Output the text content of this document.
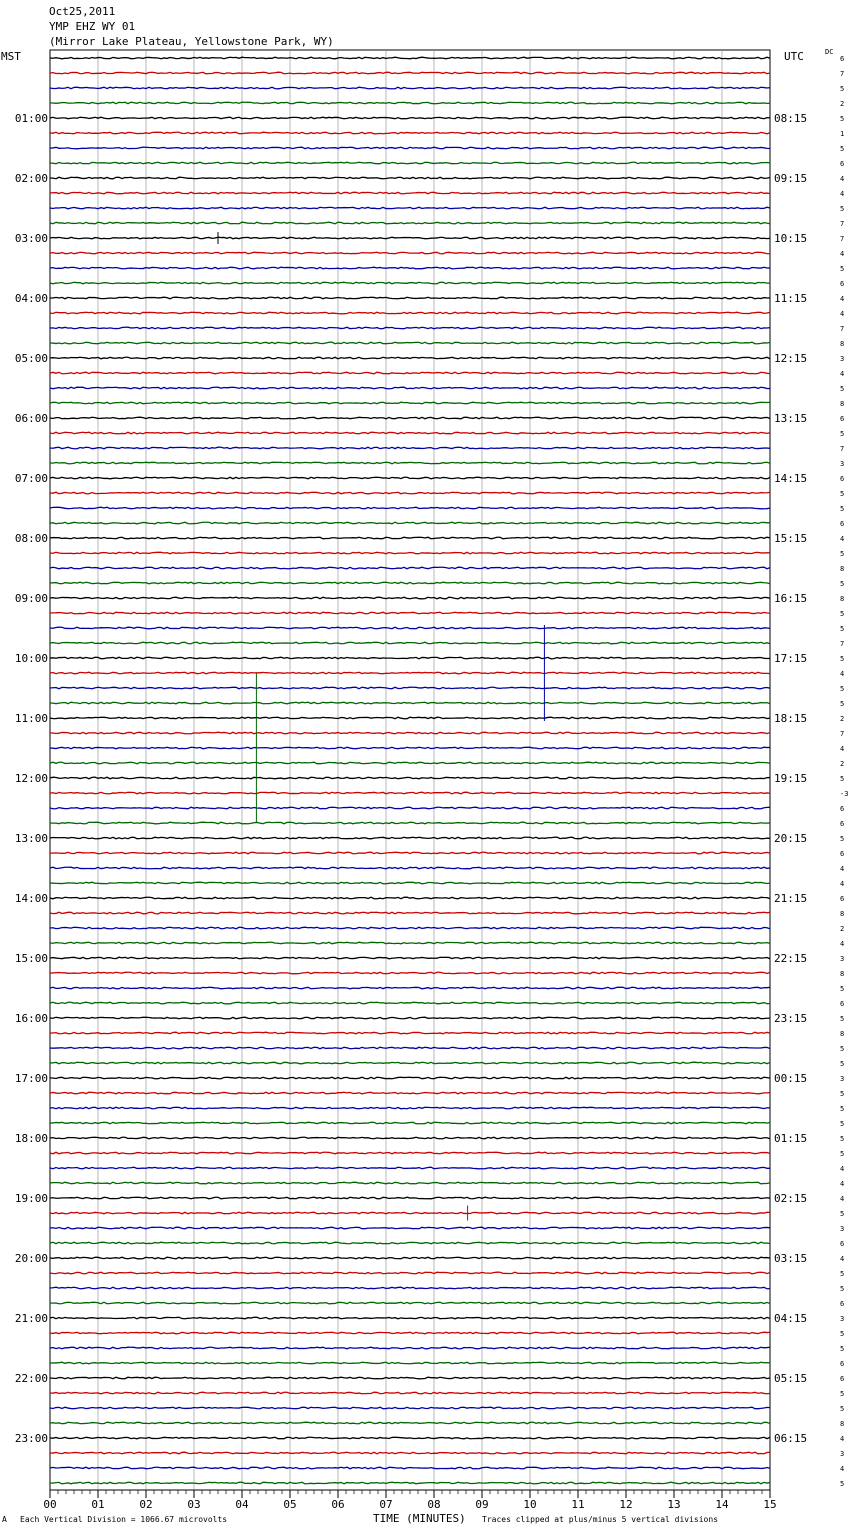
Oct25,2011
YMP EHZ WY 01
(Mirror Lake Plateau, Yellowstone Park, WY)
MST	UTC	DC
6
7
5
2
5
1
5
6
4
4
5
7
7
4
5
6
4
4
7
8
3
4
5
8
6
5
7
3
6
5
5
6
4
5
8
5
8
5
5
7
5
4
5
5
2
7
4
2
5
-3
6
6
5
6
4
4
6
8
2
4
3
8
5
6
5
8
5
5
3
5
5
5
5
5
4
4
4
5
3
6
4
5
5
6
3
5
5
6
6
5
5
8
4
3
4
5
01:00	08:15
02:00	09:15
03:00	10:15
04:00	11:15
05:00	12:15
06:00	13:15
07:00	14:15
08:00	15:15
09:00	16:15
10:00	17:15
11:00	18:15
12:00	19:15
13:00	20:15
14:00	21:15
15:00	22:15
16:00	23:15
17:00	00:15
18:00	01:15
19:00	02:15
20:00	03:15
21:00	04:15
22:00	05:15
23:00	06:15
00	01	02	03	04	05	06	07	08	09	10	11	12	13	14	15
A Each Vertical Division = 1066.67 microvolts	TIME (MINUTES) Traces clipped at plus/minus 5 vertical divisions
